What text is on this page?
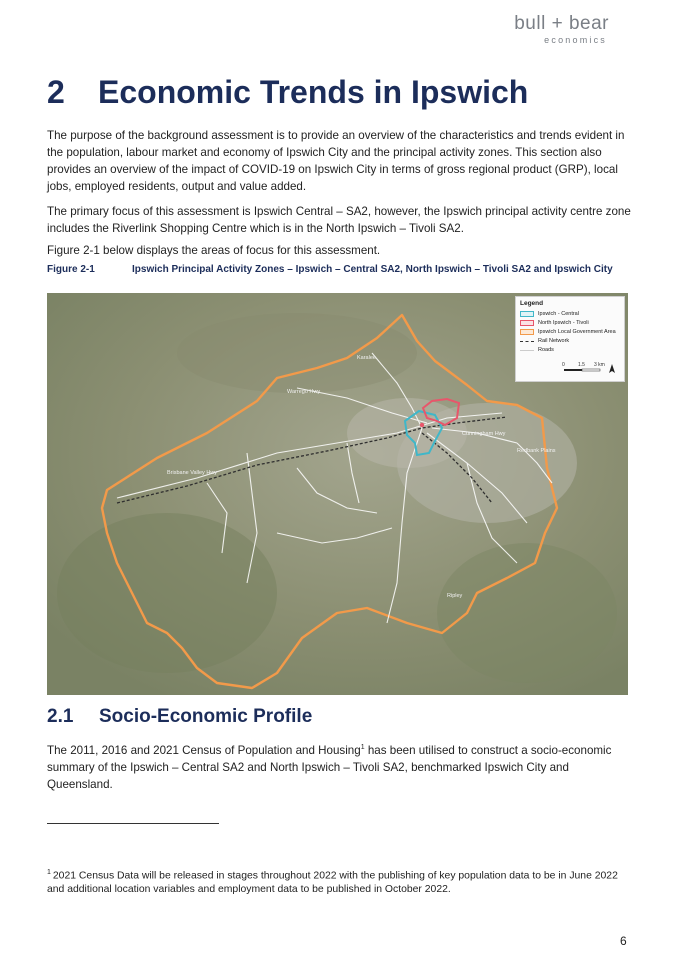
bull + bear
economics
2 Economic Trends in Ipswich

The purpose of the background assessment is to provide an overview of the characteristics and trends evident in the population, labour market and economy of Ipswich City and the principal activity zones. This section also provides an overview of the impact of COVID-19 on Ipswich City in terms of gross regional product (GRP), local jobs, employed residents, output and value added.

The primary focus of this assessment is Ipswich Central – SA2, however, the Ipswich principal activity centre zone includes the Riverlink Shopping Centre which is in the North Ipswich – Tivoli SA2.

Figure 2-1 below displays the areas of focus for this assessment.

Figure 2-1	Ipswich Principal Activity Zones – Ipswich – Central SA2, North Ipswich – Tivoli SA2 and Ipswich City
Warrego Hwy
Brisbane Valley Hwy
Cunningham Hwy
Karalee
Redbank Plains
Ripley
Legend
Ipswich - Central
North Ipswich - Tivoli
Ipswich Local Government Area
Rail Network
Roads
0	1.5 3 km
2.1 Socio-Economic Profile

The 2011, 2016 and 2021 Census of Population and Housing$^1$ has been utilised to construct a socio-economic summary of the Ipswich – Central SA2 and North Ipswich – Tivoli SA2, benchmarked Ipswich City and Queensland.

$^1$ 2021 Census Data will be released in stages throughout 2022 with the publishing of key population data to be in June 2022 and additional location variables and employment data to be published in October 2022.
6
